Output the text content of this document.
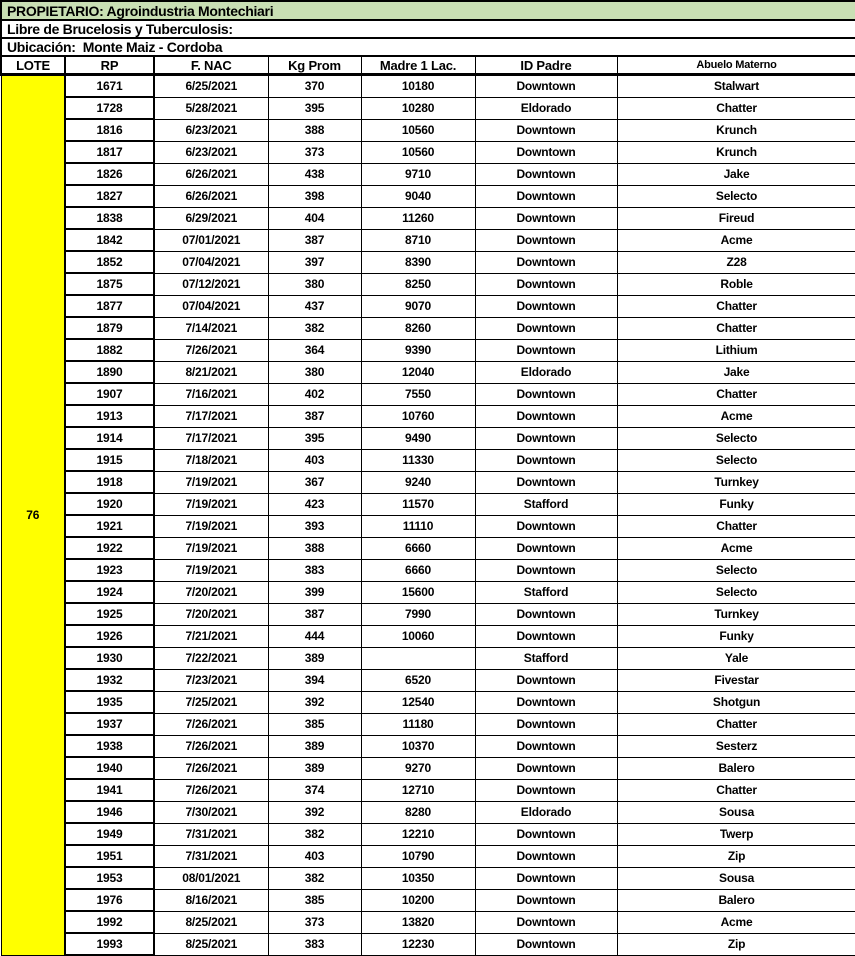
PROPIETARIO: Agroindustria Montechiari						
Libre de Brucelosis y Tuberculosis:						
Ubicación:  Monte Maiz - Cordoba						
LOTE	RP	F. NAC	Kg Prom	Madre 1 Lac.	ID Padre	Abuelo Materno
76	1671	6/25/2021	370	10180	Downtown	Stalwart
	1728	5/28/2021	395	10280	Eldorado	Chatter
	1816	6/23/2021	388	10560	Downtown	Krunch
	1817	6/23/2021	373	10560	Downtown	Krunch
	1826	6/26/2021	438	9710	Downtown	Jake
	1827	6/26/2021	398	9040	Downtown	Selecto
	1838	6/29/2021	404	11260	Downtown	Fireud
	1842	07/01/2021	387	8710	Downtown	Acme
	1852	07/04/2021	397	8390	Downtown	Z28
	1875	07/12/2021	380	8250	Downtown	Roble
	1877	07/04/2021	437	9070	Downtown	Chatter
	1879	7/14/2021	382	8260	Downtown	Chatter
	1882	7/26/2021	364	9390	Downtown	Lithium
	1890	8/21/2021	380	12040	Eldorado	Jake
	1907	7/16/2021	402	7550	Downtown	Chatter
	1913	7/17/2021	387	10760	Downtown	Acme
	1914	7/17/2021	395	9490	Downtown	Selecto
	1915	7/18/2021	403	11330	Downtown	Selecto
	1918	7/19/2021	367	9240	Downtown	Turnkey
	1920	7/19/2021	423	11570	Stafford	Funky
	1921	7/19/2021	393	11110	Downtown	Chatter
	1922	7/19/2021	388	6660	Downtown	Acme
	1923	7/19/2021	383	6660	Downtown	Selecto
	1924	7/20/2021	399	15600	Stafford	Selecto
	1925	7/20/2021	387	7990	Downtown	Turnkey
	1926	7/21/2021	444	10060	Downtown	Funky
	1930	7/22/2021	389		Stafford	Yale
	1932	7/23/2021	394	6520	Downtown	Fivestar
	1935	7/25/2021	392	12540	Downtown	Shotgun
	1937	7/26/2021	385	11180	Downtown	Chatter
	1938	7/26/2021	389	10370	Downtown	Sesterz
	1940	7/26/2021	389	9270	Downtown	Balero
	1941	7/26/2021	374	12710	Downtown	Chatter
	1946	7/30/2021	392	8280	Eldorado	Sousa
	1949	7/31/2021	382	12210	Downtown	Twerp
	1951	7/31/2021	403	10790	Downtown	Zip
	1953	08/01/2021	382	10350	Downtown	Sousa
	1976	8/16/2021	385	10200	Downtown	Balero
	1992	8/25/2021	373	13820	Downtown	Acme
	1993	8/25/2021	383	12230	Downtown	Zip
